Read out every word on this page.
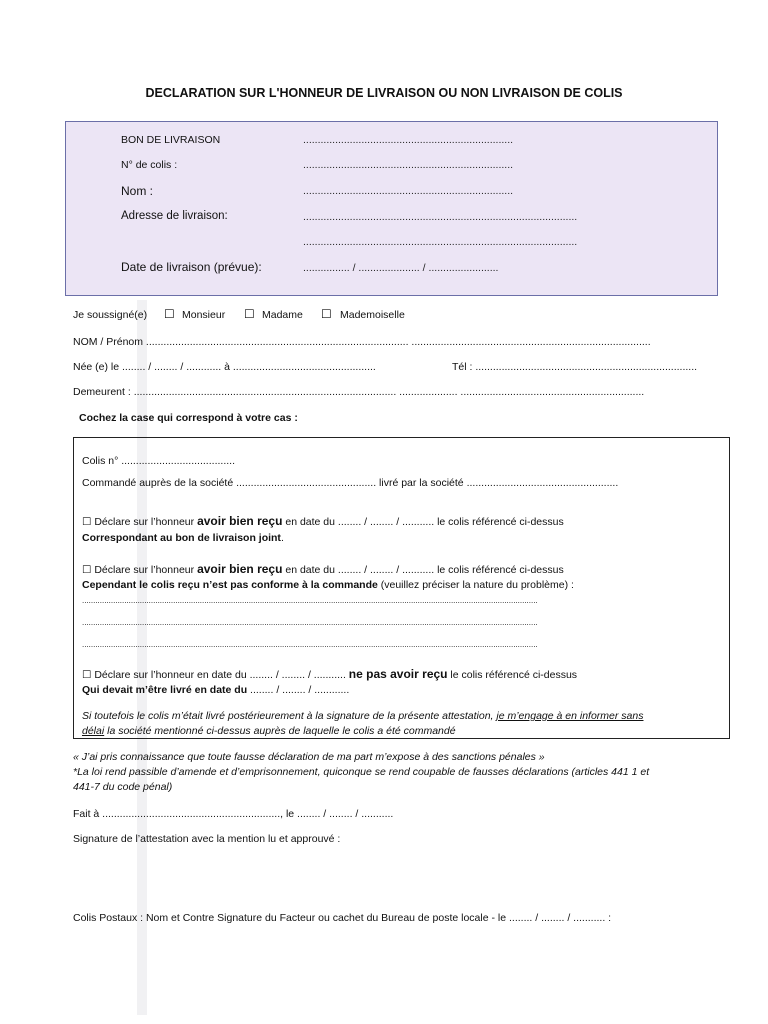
DECLARATION SUR L'HONNEUR DE LIVRAISON OU NON LIVRAISON DE COLIS
BON DE LIVRAISON	........................................................................
N° de colis :	........................................................................
Nom :	........................................................................
Adresse de livraison:	..............................................................................................
..............................................................................................
Date de livraison (prévue):	................ / ..................... / ........................
Je soussigné(e) ☐ Monsieur ☐ Madame ☐ Mademoiselle
NOM / Prénom .......................................................................................... ..................................................................................
Née (e) le ........ / ........ / ............ à .................................................	Tél : ............................................................................
Demeurent : .......................................................................................... .................... ...............................................................
Cochez la case qui correspond à votre cas :
Colis n° .......................................
Commandé auprès de la société ................................................ livré par la société ....................................................
☐ Déclare sur l’honneur avoir bien reçu en date du ........ / ........ / ........... le colis référencé ci-dessus
Correspondant au bon de livraison joint.
☐ Déclare sur l’honneur avoir bien reçu en date du ........ / ........ / ........... le colis référencé ci-dessus
Cependant le colis reçu n’est pas conforme à la commande (veuillez préciser la nature du problème) :
.............................................................................................................................................................................................................
.............................................................................................................................................................................................................
.............................................................................................................................................................................................................
☐ Déclare sur l’honneur en date du ........ / ........ / ........... ne pas avoir reçu le colis référencé ci-dessus
Qui devait m’être livré en date du ........ / ........ / ............
Si toutefois le colis m’était livré postérieurement à la signature de la présente attestation, je m’engage à en informer sans
délai la société mentionné ci-dessus auprès de laquelle le colis a été commandé
« J’ai pris connaissance que toute fausse déclaration de ma part m’expose à des sanctions pénales »
*La loi rend passible d’amende et d’emprisonnement, quiconque se rend coupable de fausses déclarations (articles 441 1 et
441-7 du code pénal)
Fait à ............................................................., le ........ / ........ / ...........
Signature de l’attestation avec la mention lu et approuvé :
Colis Postaux : Nom et Contre Signature du Facteur ou cachet du Bureau de poste locale - le ........ / ........ / ........... :
